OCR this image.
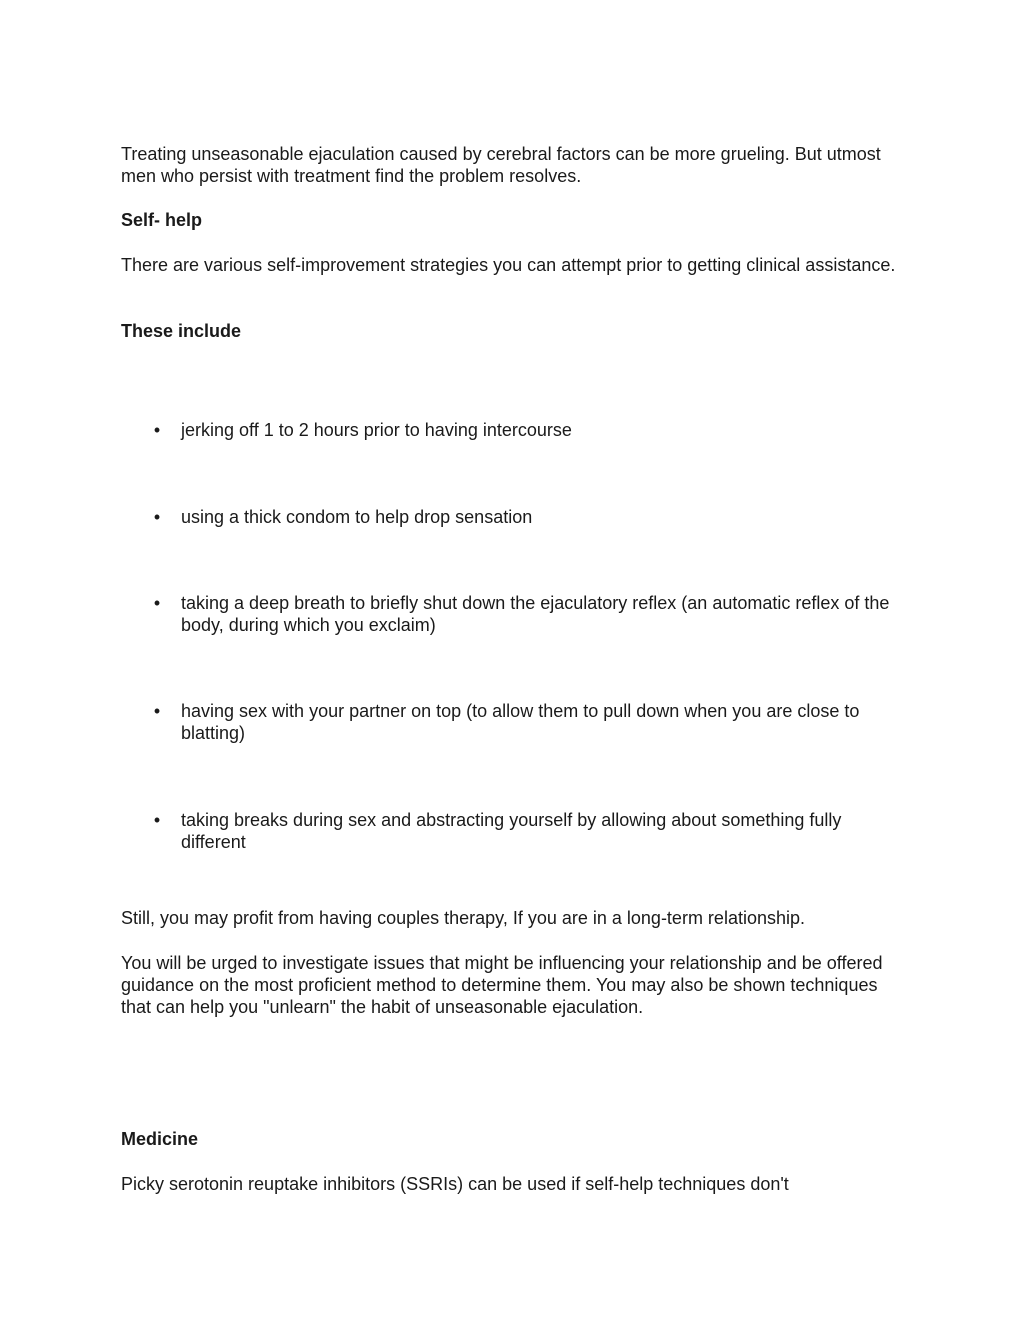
Treating unseasonable ejaculation caused by cerebral factors can be more grueling. But utmost men who persist with treatment find the problem resolves.

Self- help

There are various self-improvement strategies you can attempt prior to getting clinical assistance.

These include

• jerking off 1 to 2 hours prior to having intercourse
• using a thick condom to help drop sensation
• taking a deep breath to briefly shut down the ejaculatory reflex (an automatic reflex of the body, during which you exclaim)
• having sex with your partner on top (to allow them to pull down when you are close to blatting)
• taking breaks during sex and abstracting yourself by allowing about something fully different

Still, you may profit from having couples therapy, If you are in a long-term relationship.

You will be urged to investigate issues that might be influencing your relationship and be offered guidance on the most proficient method to determine them. You may also be shown techniques that can help you "unlearn" the habit of unseasonable ejaculation.

Medicine

Picky serotonin reuptake inhibitors (SSRIs) can be used if self-help techniques don't
